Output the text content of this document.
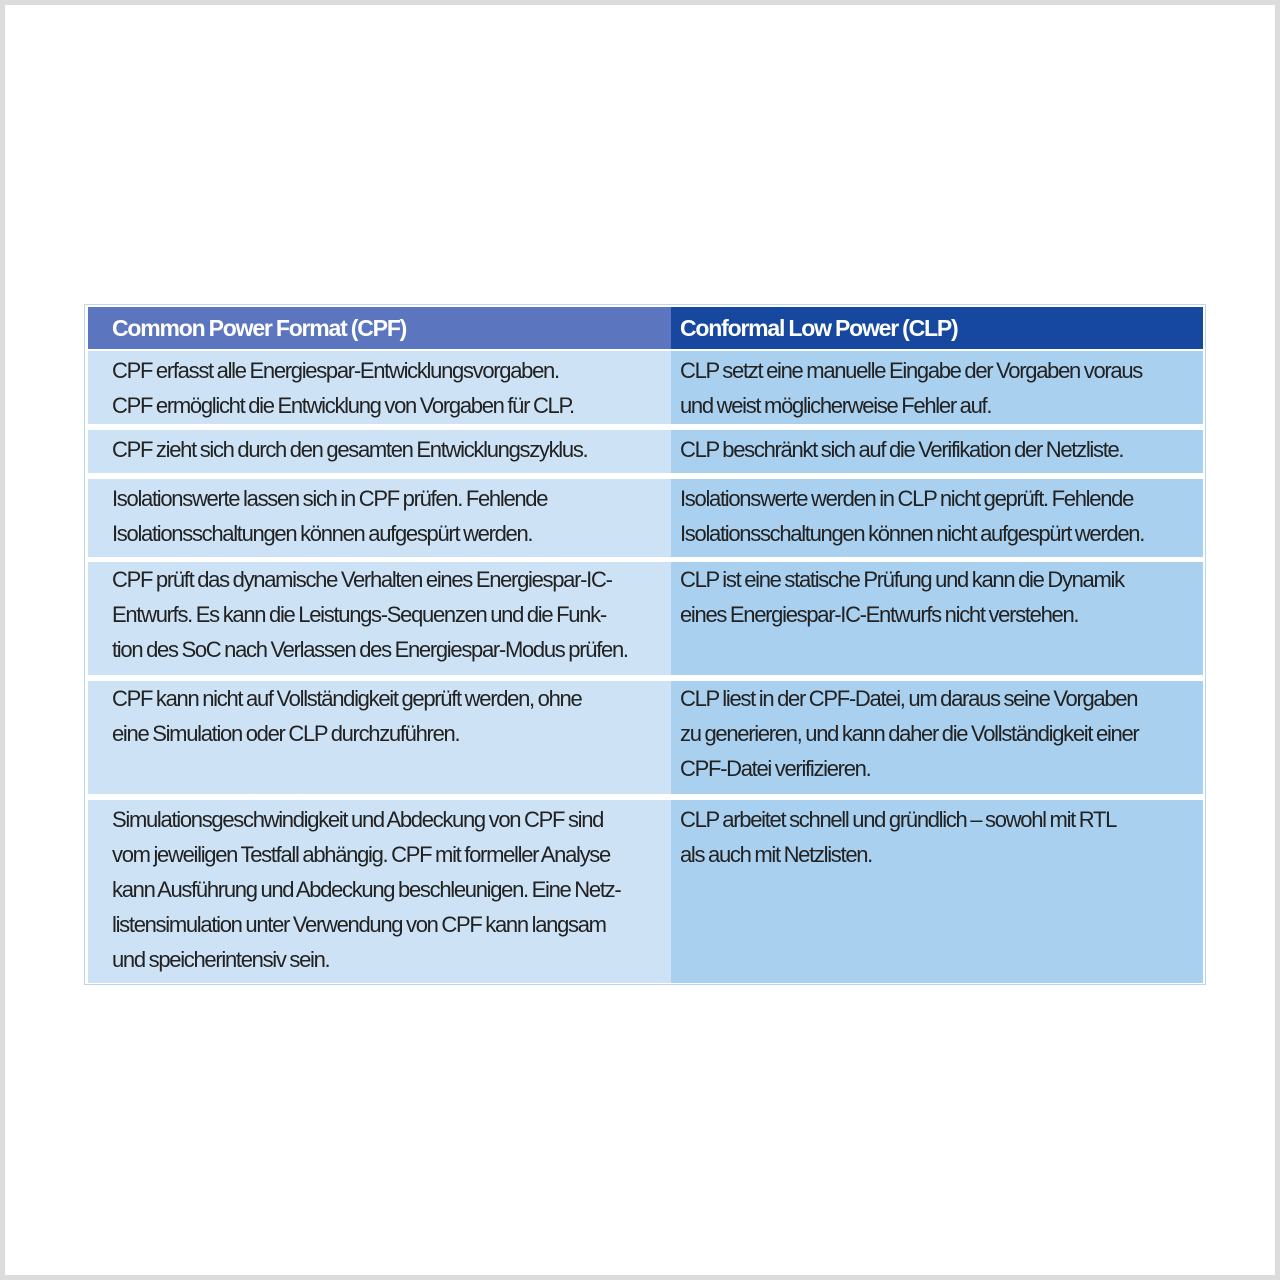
Common Power Format (CPF)	Conformal Low Power (CLP)
CPF erfasst alle Energiespar-Entwicklungsvorgaben.
CPF ermöglicht die Entwicklung von Vorgaben für CLP.
CLP setzt eine manuelle Eingabe der Vorgaben voraus
und weist möglicherweise Fehler auf.
CPF zieht sich durch den gesamten Entwicklungszyklus.	CLP beschränkt sich auf die Verifikation der Netzliste.
Isolationswerte lassen sich in CPF prüfen. Fehlende
Isolationsschaltungen können aufgespürt werden.
Isolationswerte werden in CLP nicht geprüft. Fehlende
Isolationsschaltungen können nicht aufgespürt werden.
CPF prüft das dynamische Verhalten eines Energiespar-IC-
Entwurfs. Es kann die Leistungs-Sequenzen und die Funk-
tion des SoC nach Verlassen des Energiespar-Modus prüfen.
CLP ist eine statische Prüfung und kann die Dynamik
eines Energiespar-IC-Entwurfs nicht verstehen.
CPF kann nicht auf Vollständigkeit geprüft werden, ohne
eine Simulation oder CLP durchzuführen.
CLP liest in der CPF-Datei, um daraus seine Vorgaben
zu generieren, und kann daher die Vollständigkeit einer
CPF-Datei verifizieren.
Simulationsgeschwindigkeit und Abdeckung von CPF sind
vom jeweiligen Testfall abhängig. CPF mit formeller Analyse
kann Ausführung und Abdeckung beschleunigen. Eine Netz-
listensimulation unter Verwendung von CPF kann langsam
und speicherintensiv sein.
CLP arbeitet schnell und gründlich – sowohl mit RTL
als auch mit Netzlisten.
